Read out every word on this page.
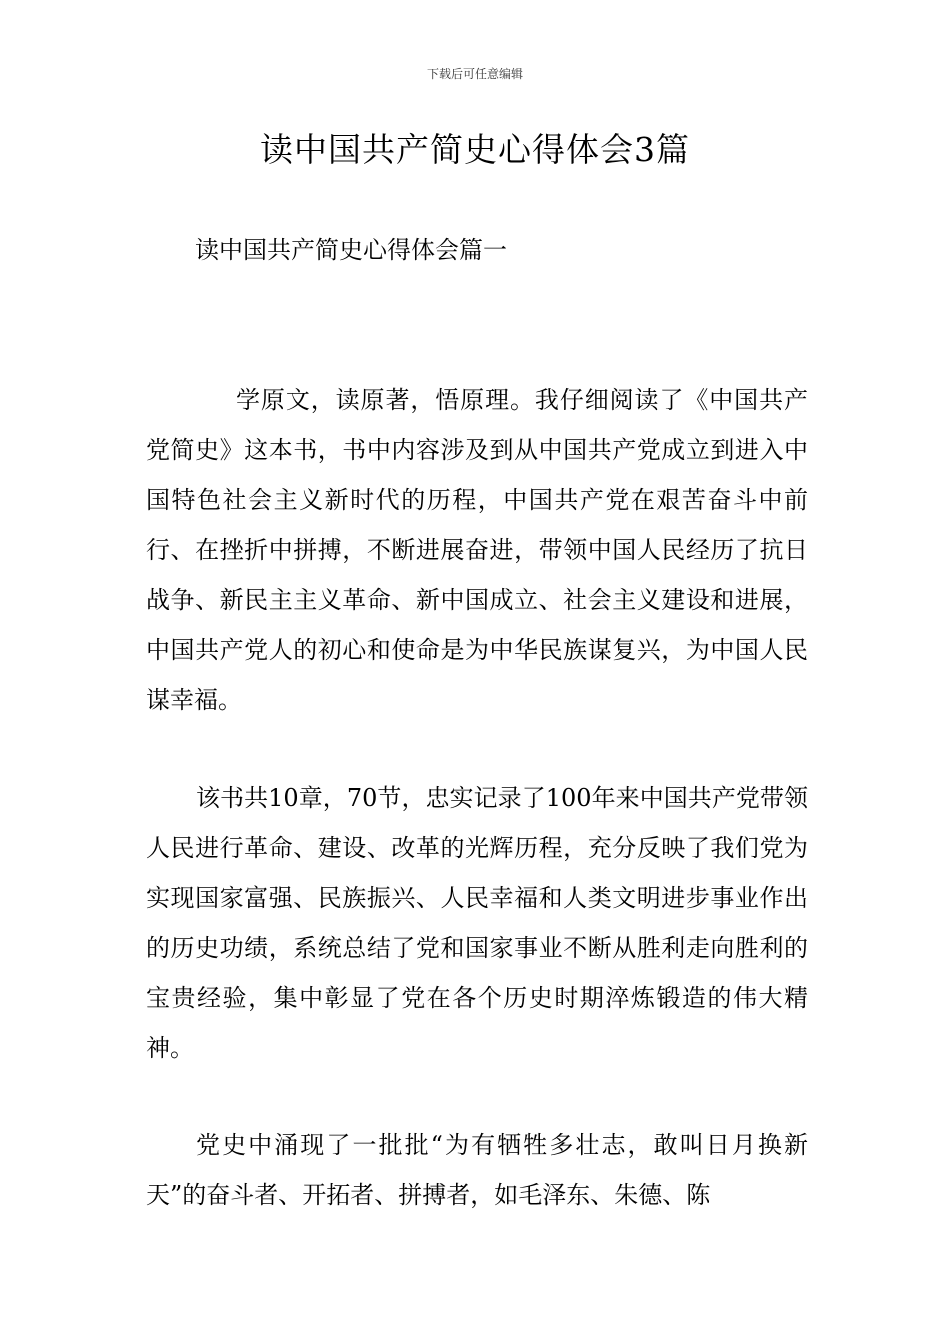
下载后可任意编辑
读中国共产简史心得体会3篇

读中国共产简史心得体会篇一

学原文，读原著，悟原理。我仔细阅读了《中国共产党简史》这本书，书中内容涉及到从中国共产党成立到进入中国特色社会主义新时代的历程，中国共产党在艰苦奋斗中前行、在挫折中拼搏，不断进展奋进，带领中国人民经历了抗日战争、新民主主义革命、新中国成立、社会主义建设和进展，中国共产党人的初心和使命是为中华民族谋复兴，为中国人民谋幸福。

该书共10章，70节，忠实记录了100年来中国共产党带领人民进行革命、建设、改革的光辉历程，充分反映了我们党为实现国家富强、民族振兴、人民幸福和人类文明进步事业作出的历史功绩，系统总结了党和国家事业不断从胜利走向胜利的宝贵经验，集中彰显了党在各个历史时期淬炼锻造的伟大精神。

党史中涌现了一批批“为有牺牲多壮志，敢叫日月换新天”的奋斗者、开拓者、拼搏者，如毛泽东、朱德、陈
